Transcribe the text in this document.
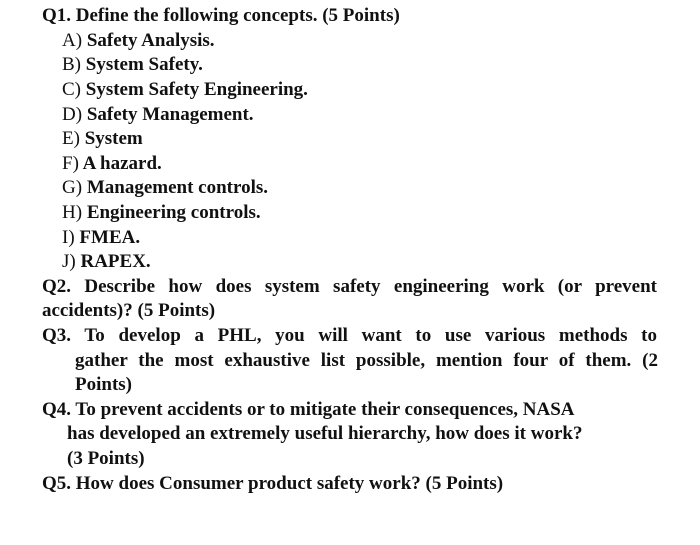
Q1. Define the following concepts. (5 Points)
A) Safety Analysis.
B) System Safety.
C) System Safety Engineering.
D) Safety Management.
E) System
F) A hazard.
G) Management controls.
H) Engineering controls.
I) FMEA.
J) RAPEX.
Q2. Describe how does system safety engineering work (or prevent
accidents)? (5 Points)
Q3. To develop a PHL, you will want to use various methods to
gather the most exhaustive list possible, mention four of them. (2
Points)
Q4. To prevent accidents or to mitigate their consequences, NASA
has developed an extremely useful hierarchy, how does it work?
(3 Points)
Q5. How does Consumer product safety work? (5 Points)
